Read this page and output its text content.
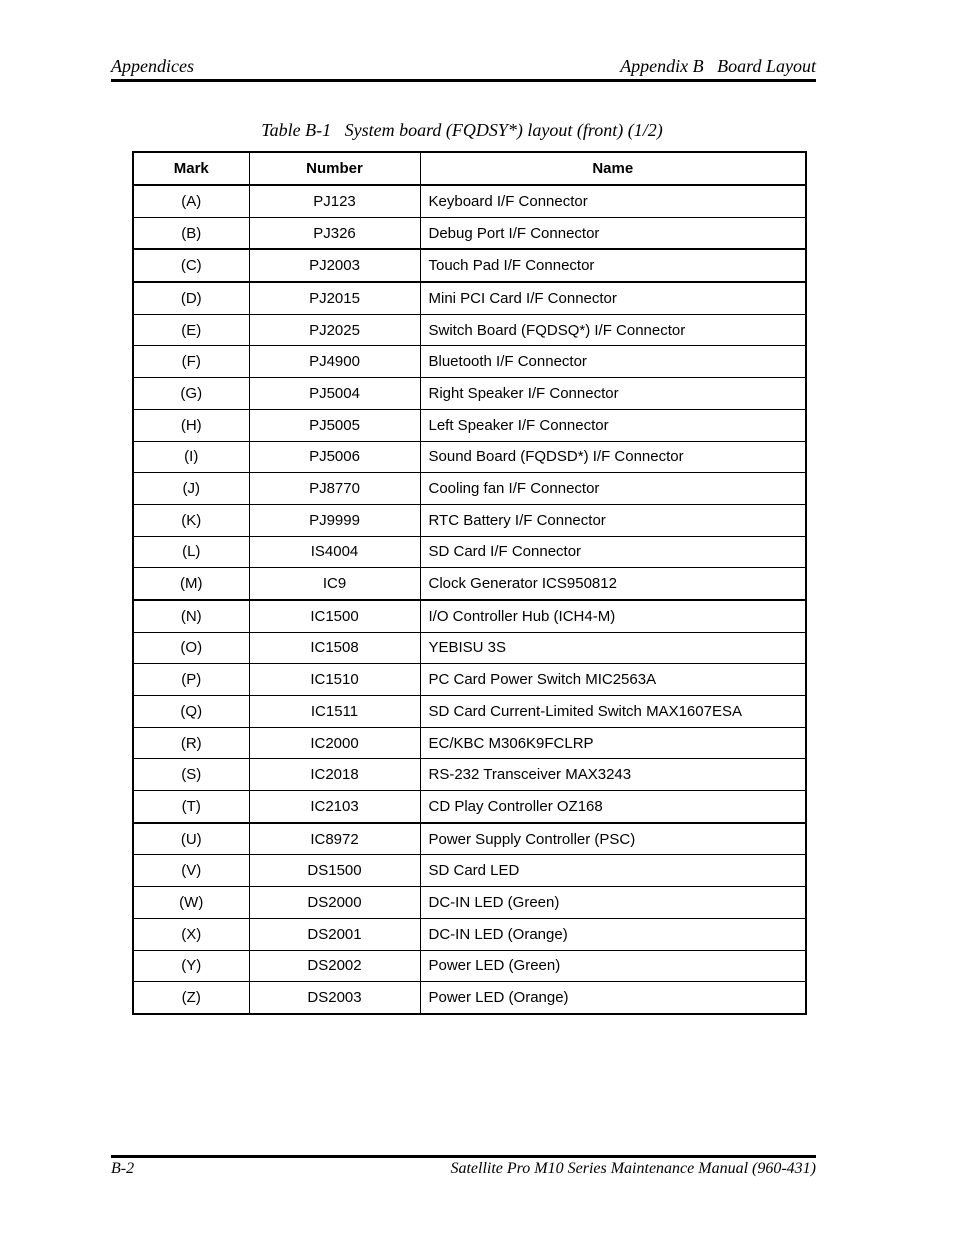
Appendices	Appendix B   Board Layout
Table B-1   System board (FQDSY*) layout (front) (1/2)
Mark	Number	Name
(A)	PJ123	Keyboard I/F Connector
(B)	PJ326	Debug Port I/F Connector
(C)	PJ2003	Touch Pad I/F Connector
(D)	PJ2015	Mini PCI Card I/F Connector
(E)	PJ2025	Switch Board (FQDSQ*) I/F Connector
(F)	PJ4900	Bluetooth I/F Connector
(G)	PJ5004	Right Speaker I/F Connector
(H)	PJ5005	Left Speaker I/F Connector
(I)	PJ5006	Sound Board (FQDSD*) I/F Connector
(J)	PJ8770	Cooling fan I/F Connector
(K)	PJ9999	RTC Battery I/F Connector
(L)	IS4004	SD Card I/F Connector
(M)	IC9	Clock Generator ICS950812
(N)	IC1500	I/O Controller Hub (ICH4-M)
(O)	IC1508	YEBISU 3S
(P)	IC1510	PC Card Power Switch MIC2563A
(Q)	IC1511	SD Card Current-Limited Switch MAX1607ESA
(R)	IC2000	EC/KBC M306K9FCLRP
(S)	IC2018	RS-232 Transceiver MAX3243
(T)	IC2103	CD Play Controller OZ168
(U)	IC8972	Power Supply Controller (PSC)
(V)	DS1500	SD Card LED
(W)	DS2000	DC-IN LED (Green)
(X)	DS2001	DC-IN LED (Orange)
(Y)	DS2002	Power LED (Green)
(Z)	DS2003	Power LED (Orange)
B-2	Satellite Pro M10 Series Maintenance Manual (960-431)
